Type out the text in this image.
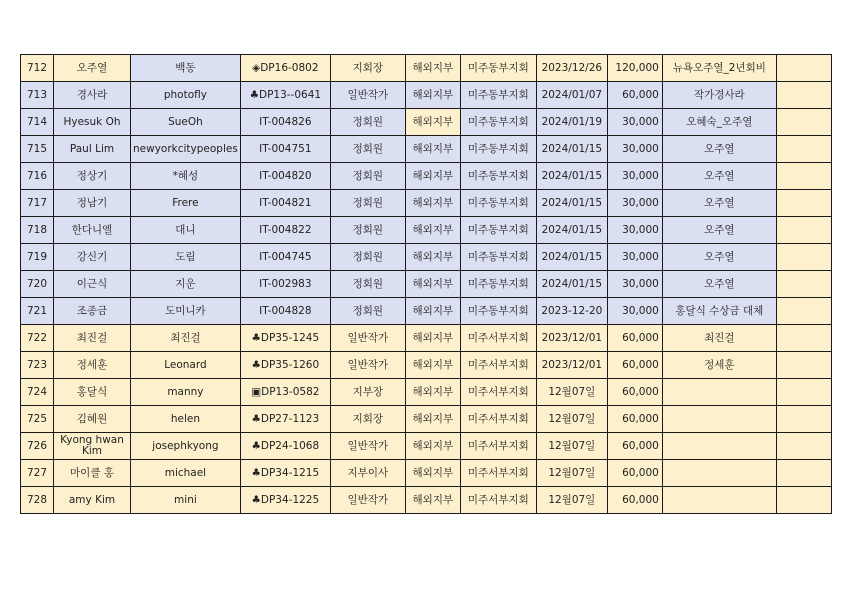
712	오주열	백동	◈DP16-0802	지회장	해외지부	미주동부지회	2023/12/26	120,000	뉴욕오주열_2년회비	
713	경사라	photofly	♣DP13--0641	일반작가	해외지부	미주동부지회	2024/01/07	60,000	작가경사라	
714	Hyesuk Oh	SueOh	IT-004826	정회원	해외지부	미주동부지회	2024/01/19	30,000	오혜숙_오주열	
715	Paul Lim	newyorkcitypeoples	IT-004751	정회원	해외지부	미주동부지회	2024/01/15	30,000	오주열	
716	정상기	*혜성	IT-004820	정회원	해외지부	미주동부지회	2024/01/15	30,000	오주열	
717	정남기	Frere	IT-004821	정회원	해외지부	미주동부지회	2024/01/15	30,000	오주열	
718	한다니엘	대니	IT-004822	정회원	해외지부	미주동부지회	2024/01/15	30,000	오주열	
719	강신기	도림	IT-004745	정회원	해외지부	미주동부지회	2024/01/15	30,000	오주열	
720	이근식	지운	IT-002983	정회원	해외지부	미주동부지회	2024/01/15	30,000	오주열	
721	조종금	도미니카	IT-004828	정회원	해외지부	미주동부지회	2023-12-20	30,000	홍달식 수상금 대체	
722	최진걸	최진걸	♣DP35-1245	일반작가	해외지부	미주서부지회	2023/12/01	60,000	최진걸	
723	정세훈	Leonard	♣DP35-1260	일반작가	해외지부	미주서부지회	2023/12/01	60,000	정세훈	
724	홍달식	manny	▣DP13-0582	지부장	해외지부	미주서부지회	12월07일	60,000		
725	김혜원	helen	♣DP27-1123	지회장	해외지부	미주서부지회	12월07일	60,000		
726	Kyong hwan Kim	josephkyong	♣DP24-1068	일반작가	해외지부	미주서부지회	12월07일	60,000		
727	마이클 홍	michael	♣DP34-1215	지부이사	해외지부	미주서부지회	12월07일	60,000		
728	amy Kim	mini	♣DP34-1225	일반작가	해외지부	미주서부지회	12월07일	60,000		
